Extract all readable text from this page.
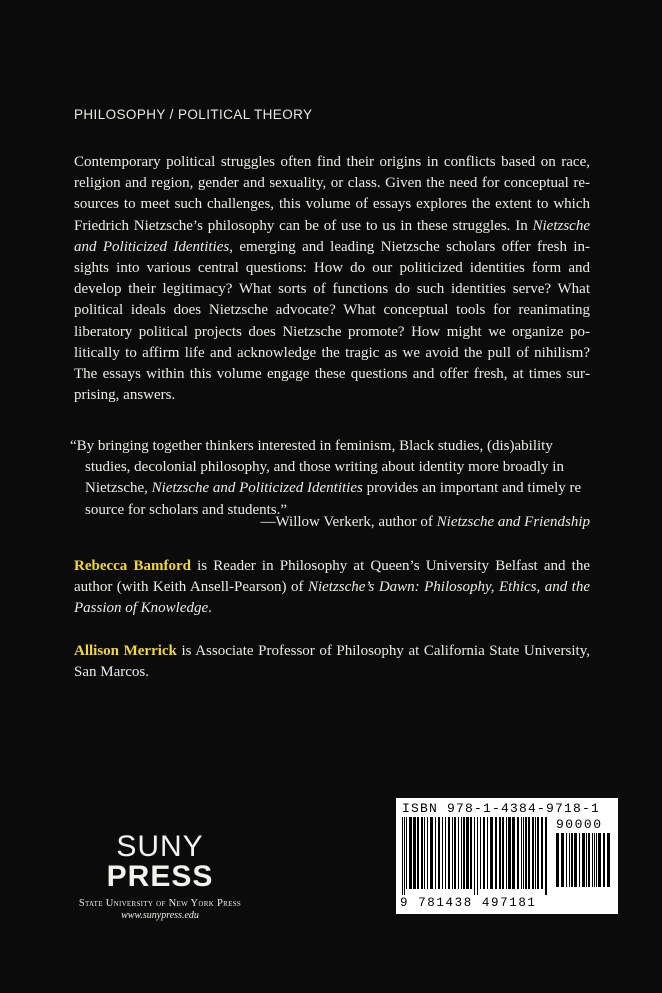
PHILOSOPHY / POLITICAL THEORY

Contemporary political struggles often find their origins in conflicts based on race, religion and region, gender and sexuality, or class. Given the need for conceptual resources to meet such challenges, this volume of essays explores the extent to which Friedrich Nietzsche’s philosophy can be of use to us in these struggles. In Nietzsche and Politicized Identities, emerging and leading Nietzsche scholars offer fresh insights into various central questions: How do our politicized identities form and develop their legitimacy? What sorts of functions do such identities serve? What political ideals does Nietzsche advocate? What conceptual tools for reanimating liberatory political projects does Nietzsche promote? How might we organize politically to affirm life and acknowledge the tragic as we avoid the pull of nihilism? The essays within this volume engage these questions and offer fresh, at times surprising, answers.

“By bringing together thinkers interested in feminism, Black studies, (dis)ability
studies, decolonial philosophy, and those writing about identity more broadly in
Nietzsche, Nietzsche and Politicized Identities provides an important and timely re
source for scholars and students.”
—Willow Verkerk, author of Nietzsche and Friendship

Rebecca Bamford is Reader in Philosophy at Queen’s University Belfast and the author (with Keith Ansell-Pearson) of Nietzsche’s Dawn: Philosophy, Ethics, and the Passion of Knowledge.

Allison Merrick is Associate Professor of Philosophy at California State University, San Marcos.

SUNY
PRESS
State University of New York Press
www.sunypress.edu
ISBN 978-1-4384-9718-1
90000
9 781438 497181
